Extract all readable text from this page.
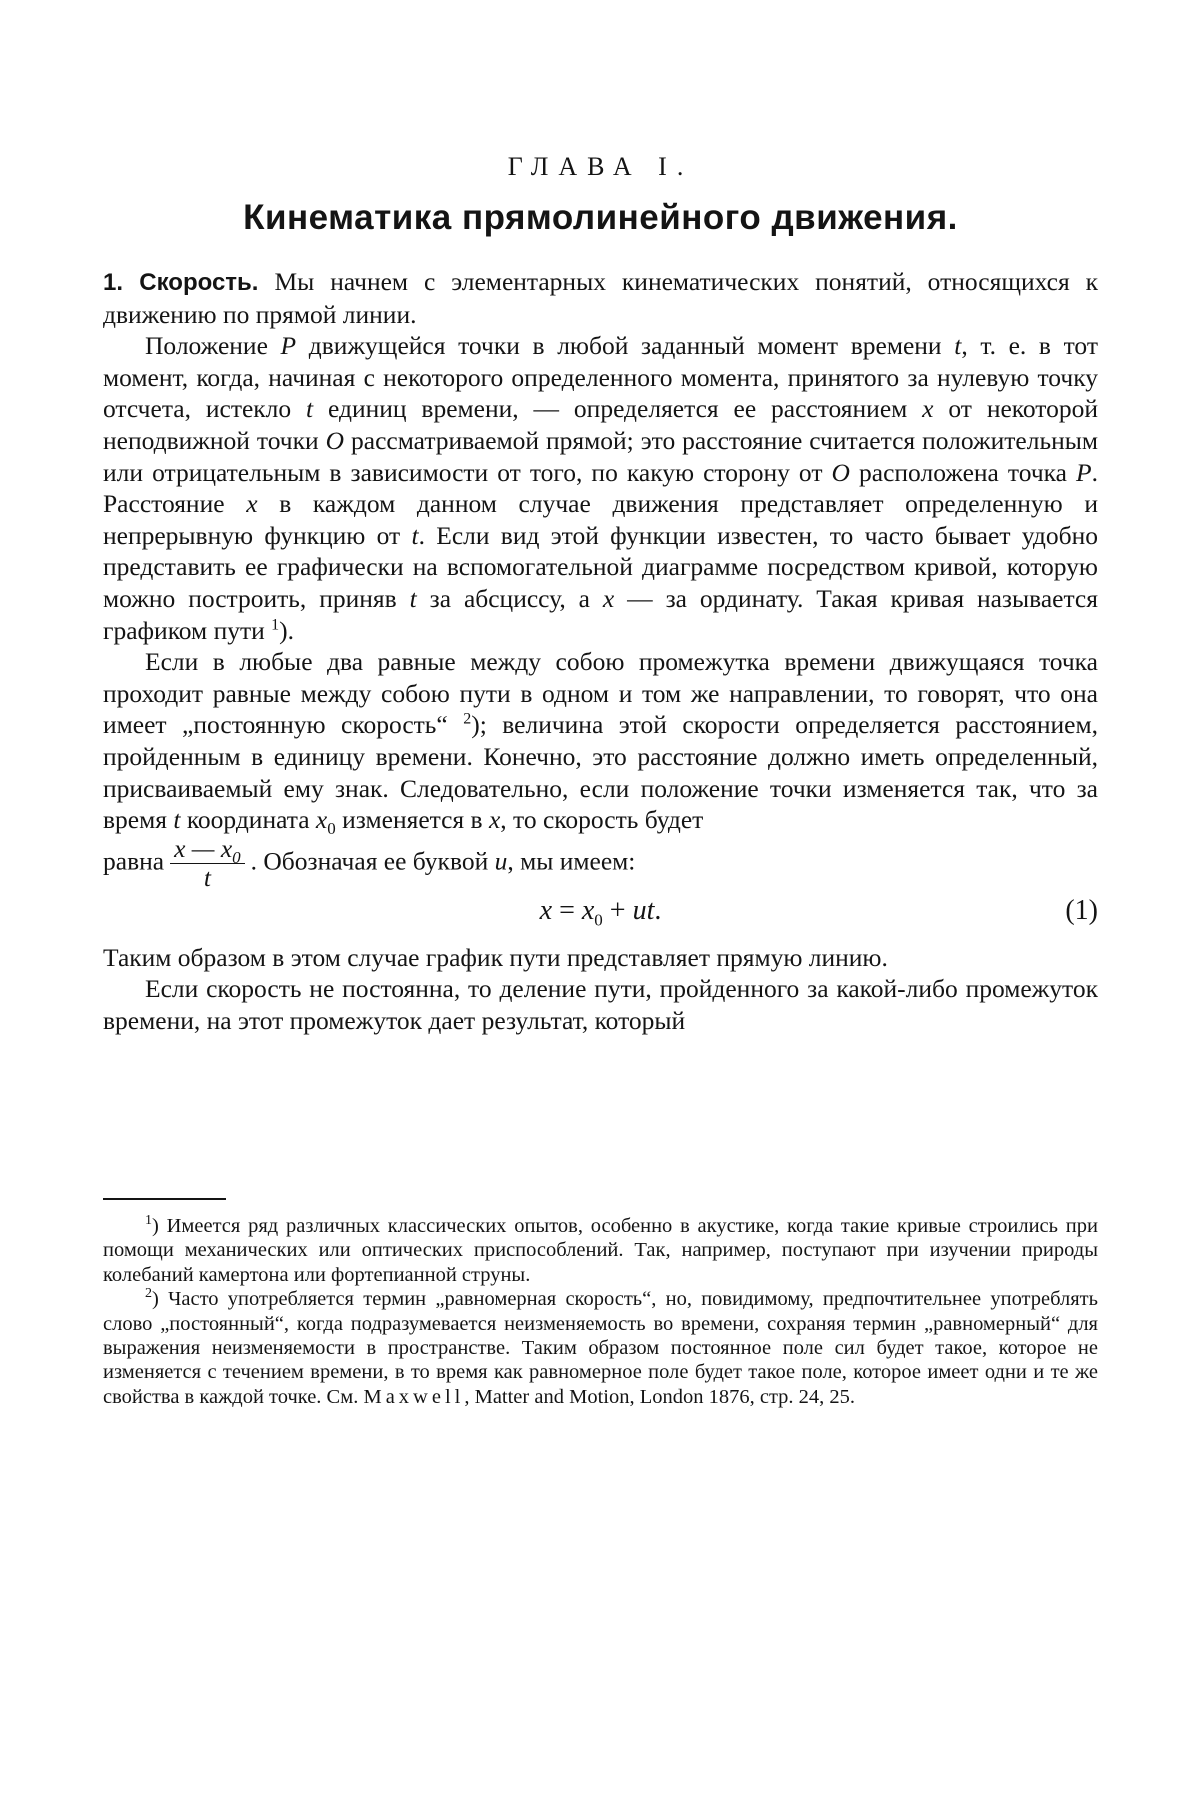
ГЛАВА I.
Кинематика прямолинейного движения.

1. Скорость. Мы начнем с элементарных кинематических понятий, относящихся к движению по прямой линии.

Положение P движущейся точки в любой заданный момент времени t, т. е. в тот момент, когда, начиная с некоторого определенного момента, принятого за нулевую точку отсчета, истекло t единиц времени, — определяется ее расстоянием x от некоторой неподвижной точки O рассматриваемой прямой; это расстояние считается положительным или отрицательным в зависимости от того, по какую сторону от O расположена точка P. Расстояние x в каждом данном случае движения представляет определенную и непрерывную функцию от t. Если вид этой функции известен, то часто бывает удобно представить ее графически на вспомогательной диаграмме посредством кривой, которую можно построить, приняв t за абсциссу, а x — за ординату. Такая кривая называется графиком пути $^1$).

Если в любые два равные между собою промежутка времени движущаяся точка проходит равные между собою пути в одном и том же направлении, то говорят, что она имеет „постоянную скорость“ $^2$); величина этой скорости определяется расстоянием, пройденным в единицу времени. Конечно, это расстояние должно иметь определенный, присваиваемый ему знак. Следовательно, если положение точки изменяется так, что за время t координата $x_0$ изменяется в x, то скорость будет

равна $\frac{x — x_0}{t}$ . Обозначая ее буквой u, мы имеем:

$x = x_0$ + ut.	(1)

Таким образом в этом случае график пути представляет прямую линию.

Если скорость не постоянна, то деление пути, пройденного за какой-либо промежуток времени, на этот промежуток дает результат, который

$^1$) Имеется ряд различных классических опытов, особенно в акустике, когда такие кривые строились при помощи механических или оптических приспособлений. Так, например, поступают при изучении природы колебаний камертона или фортепианной струны.

$^2$) Часто употребляется термин „равномерная скорость“, но, повидимому, предпочтительнее употреблять слово „постоянный“, когда подразумевается неизменяемость во времени, сохраняя термин „равномерный“ для выражения неизменяемости в пространстве. Таким образом постоянное поле сил будет такое, которое не изменяется с течением времени, в то время как равномерное поле будет такое поле, которое имеет одни и те же свойства в каждой точке. См. Maxwell, Matter and Motion, London 1876, стр. 24, 25.
